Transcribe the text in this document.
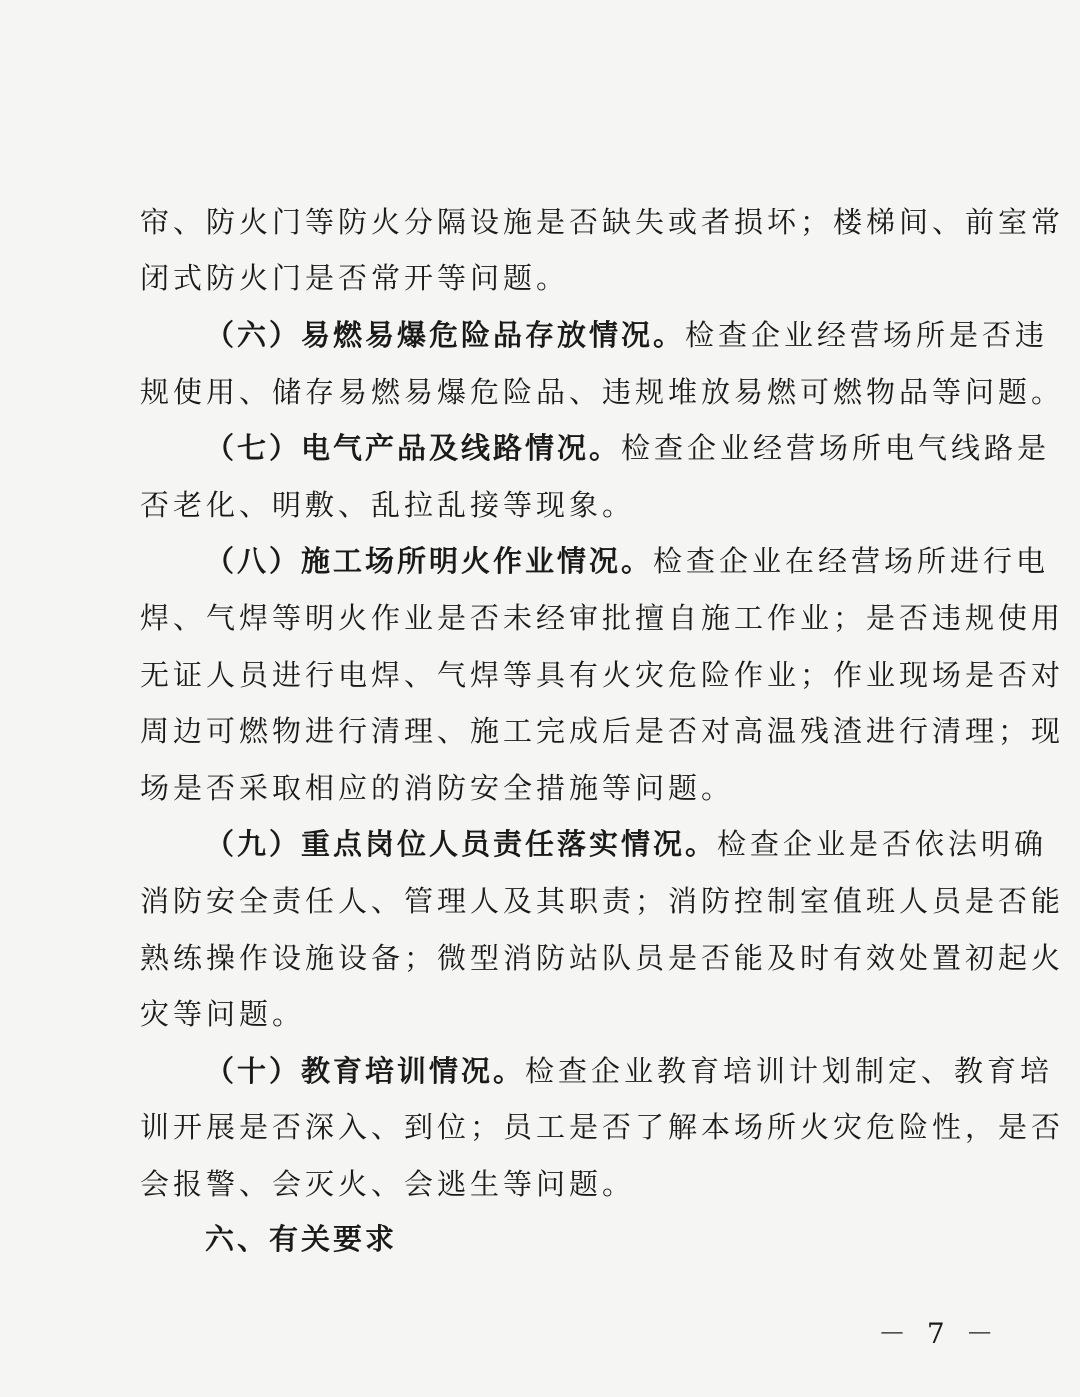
帘、防火门等防火分隔设施是否缺失或者损坏；楼梯间、前室常
闭式防火门是否常开等问题。
（六）易燃易爆危险品存放情况。检查企业经营场所是否违
规使用、储存易燃易爆危险品、违规堆放易燃可燃物品等问题。
（七）电气产品及线路情况。检查企业经营场所电气线路是
否老化、明敷、乱拉乱接等现象。
（八）施工场所明火作业情况。检查企业在经营场所进行电
焊、气焊等明火作业是否未经审批擅自施工作业；是否违规使用
无证人员进行电焊、气焊等具有火灾危险作业；作业现场是否对
周边可燃物进行清理、施工完成后是否对高温残渣进行清理；现
场是否采取相应的消防安全措施等问题。
（九）重点岗位人员责任落实情况。检查企业是否依法明确
消防安全责任人、管理人及其职责；消防控制室值班人员是否能
熟练操作设施设备；微型消防站队员是否能及时有效处置初起火
灾等问题。
（十）教育培训情况。检查企业教育培训计划制定、教育培
训开展是否深入、到位；员工是否了解本场所火灾危险性，是否
会报警、会灭火、会逃生等问题。
六、有关要求
－ 7 －
